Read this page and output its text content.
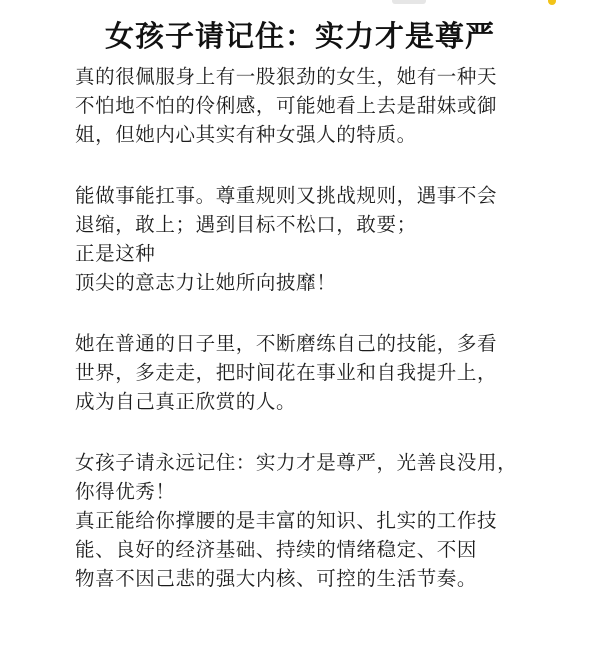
女孩子请记住：实力才是尊严
真的很佩服身上有一股狠劲的女生，她有一种天
不怕地不怕的伶俐感，可能她看上去是甜妹或御
姐，但她内心其实有种女强人的特质。
能做事能扛事。尊重规则又挑战规则，遇事不会
退缩，敢上；遇到目标不松口，敢要；
正是这种
顶尖的意志力让她所向披靡！
她在普通的日子里，不断磨练自己的技能，多看
世界，多走走，把时间花在事业和自我提升上，
成为自己真正欣赏的人。
女孩子请永远记住：实力才是尊严，光善良没用，
你得优秀！
真正能给你撑腰的是丰富的知识、扎实的工作技
能、良好的经济基础、持续的情绪稳定、不因
物喜不因己悲的强大内核、可控的生活节奏。
